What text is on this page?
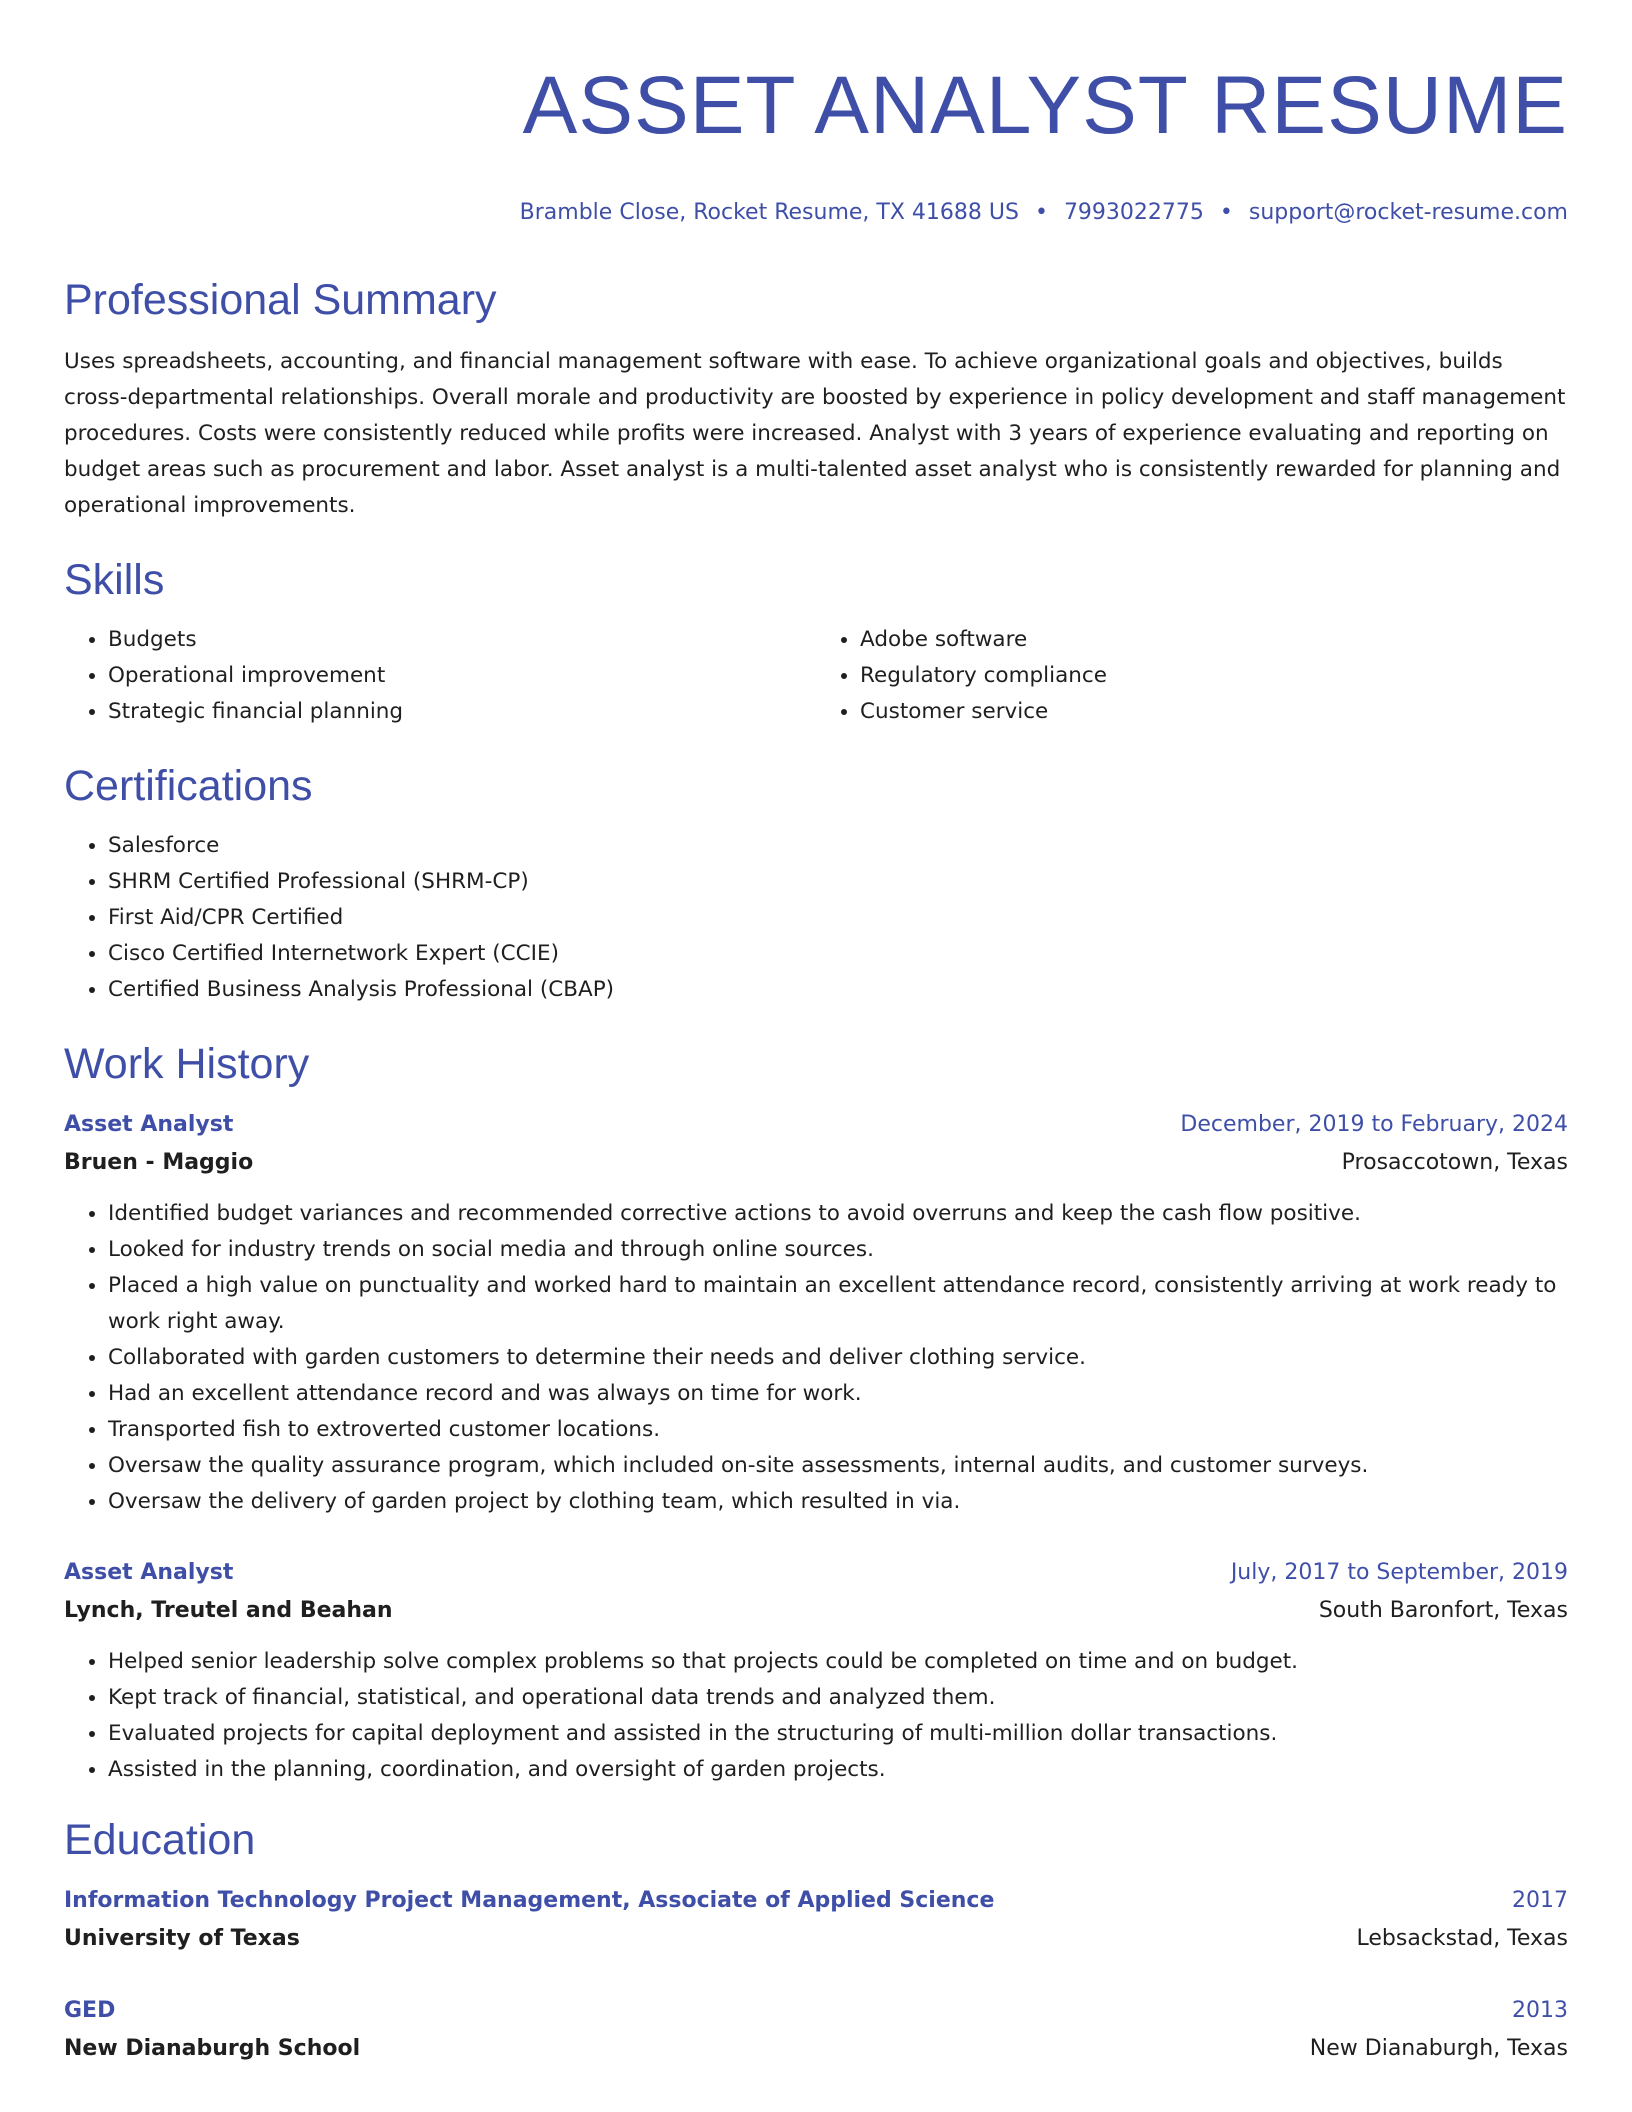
ASSET ANALYST RESUME
Bramble Close, Rocket Resume, TX 41688 US • 7993022775 • support@rocket-resume.com
Professional Summary

Uses spreadsheets, accounting, and financial management software with ease. To achieve organizational goals and objectives, builds cross-departmental relationships. Overall morale and productivity are boosted by experience in policy development and staff management procedures. Costs were consistently reduced while profits were increased. Analyst with 3 years of experience evaluating and reporting on budget areas such as procurement and labor. Asset analyst is a multi-talented asset analyst who is consistently rewarded for planning and operational improvements.

Skills
• Budgets
• Operational improvement
• Strategic financial planning
• Adobe software
• Regulatory compliance
• Customer service
Certifications
• Salesforce
• SHRM Certified Professional (SHRM-CP)
• First Aid/CPR Certified
• Cisco Certified Internetwork Expert (CCIE)
• Certified Business Analysis Professional (CBAP)
Work History
Asset Analyst	December, 2019 to February, 2024
Bruen - Maggio	Prosaccotown, Texas
• Identified budget variances and recommended corrective actions to avoid overruns and keep the cash flow positive.
• Looked for industry trends on social media and through online sources.
• Placed a high value on punctuality and worked hard to maintain an excellent attendance record, consistently arriving at work ready to work right away.
• Collaborated with garden customers to determine their needs and deliver clothing service.
• Had an excellent attendance record and was always on time for work.
• Transported fish to extroverted customer locations.
• Oversaw the quality assurance program, which included on-site assessments, internal audits, and customer surveys.
• Oversaw the delivery of garden project by clothing team, which resulted in via.
Asset Analyst	July, 2017 to September, 2019
Lynch, Treutel and Beahan	South Baronfort, Texas
• Helped senior leadership solve complex problems so that projects could be completed on time and on budget.
• Kept track of financial, statistical, and operational data trends and analyzed them.
• Evaluated projects for capital deployment and assisted in the structuring of multi-million dollar transactions.
• Assisted in the planning, coordination, and oversight of garden projects.
Education
Information Technology Project Management, Associate of Applied Science	2017
University of Texas	Lebsackstad, Texas
GED	2013
New Dianaburgh School	New Dianaburgh, Texas
